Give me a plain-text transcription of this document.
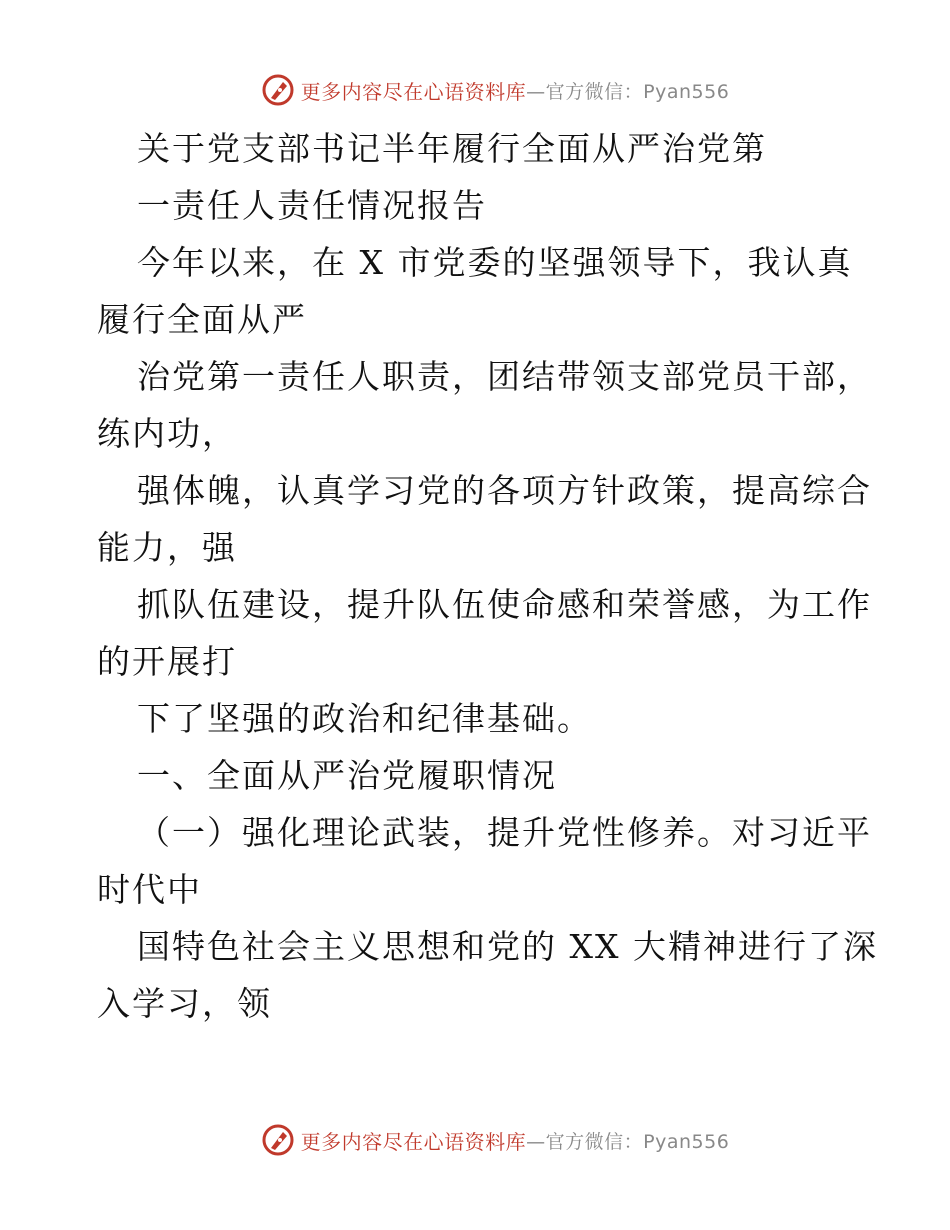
更多内容尽在心语资料库 —官方微信：Pyan556
关于党支部书记半年履行全面从严治党第
一责任人责任情况报告
今年以来，在 X 市党委的坚强领导下，我认真
履行全面从严
治党第一责任人职责，团结带领支部党员干部，
练内功，
强体魄，认真学习党的各项方针政策，提高综合
能力，强
抓队伍建设，提升队伍使命感和荣誉感，为工作
的开展打
下了坚强的政治和纪律基础。
一、全面从严治党履职情况
（一）强化理论武装，提升党性修养。对习近平
时代中
国特色社会主义思想和党的 XX 大精神进行了深
入学习，领
更多内容尽在心语资料库 —官方微信：Pyan556
